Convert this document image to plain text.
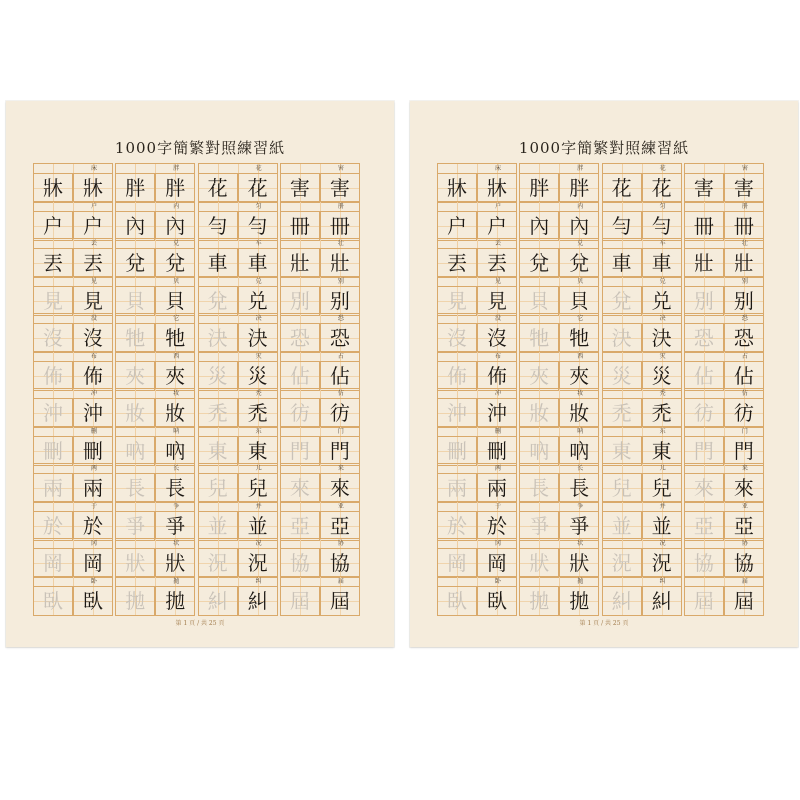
1000字簡繁對照練習紙
床
牀	牀
胖
胖	胖
花
花	花
害
害	害
户
户	户
内
內	內
匀
勻	勻
册
冊	冊
丢
丟	丟
兑
兌	兌
车
車	車
壮
壯	壯
见
見	見
贝
貝	貝
兑
兌	兑
别
別	别
没
沒	沒
它
牠	牠
决
決	決
恐
恐	恐
布
佈	佈
西
夾	夾
灾
災	災
占
佔	佔
冲
沖	沖
妆
妝	妝
秃
禿	禿
仿
彷	彷
删
刪	刪
呐
吶	吶
东
東	東
门
門	門
两
兩	兩
长
長	長
儿
兒	兒
来
來	來
于
於	於
争
爭	爭
并
並	並
亚
亞	亞
冈
岡	岡
状
狀	狀
况
況	況
协
協	協
卧
臥	臥
抛
拋	拋
纠
糾	糾
届
屆	屆
第 1 頁 / 共 25 頁
1000字簡繁對照練習紙
床
牀	牀
胖
胖	胖
花
花	花
害
害	害
户
户	户
内
內	內
匀
勻	勻
册
冊	冊
丢
丟	丟
兑
兌	兌
车
車	車
壮
壯	壯
见
見	見
贝
貝	貝
兑
兌	兑
别
別	别
没
沒	沒
它
牠	牠
决
決	決
恐
恐	恐
布
佈	佈
西
夾	夾
灾
災	災
占
佔	佔
冲
沖	沖
妆
妝	妝
秃
禿	禿
仿
彷	彷
删
刪	刪
呐
吶	吶
东
東	東
门
門	門
两
兩	兩
长
長	長
儿
兒	兒
来
來	來
于
於	於
争
爭	爭
并
並	並
亚
亞	亞
冈
岡	岡
状
狀	狀
况
況	況
协
協	協
卧
臥	臥
抛
拋	拋
纠
糾	糾
届
屆	屆
第 1 頁 / 共 25 頁
